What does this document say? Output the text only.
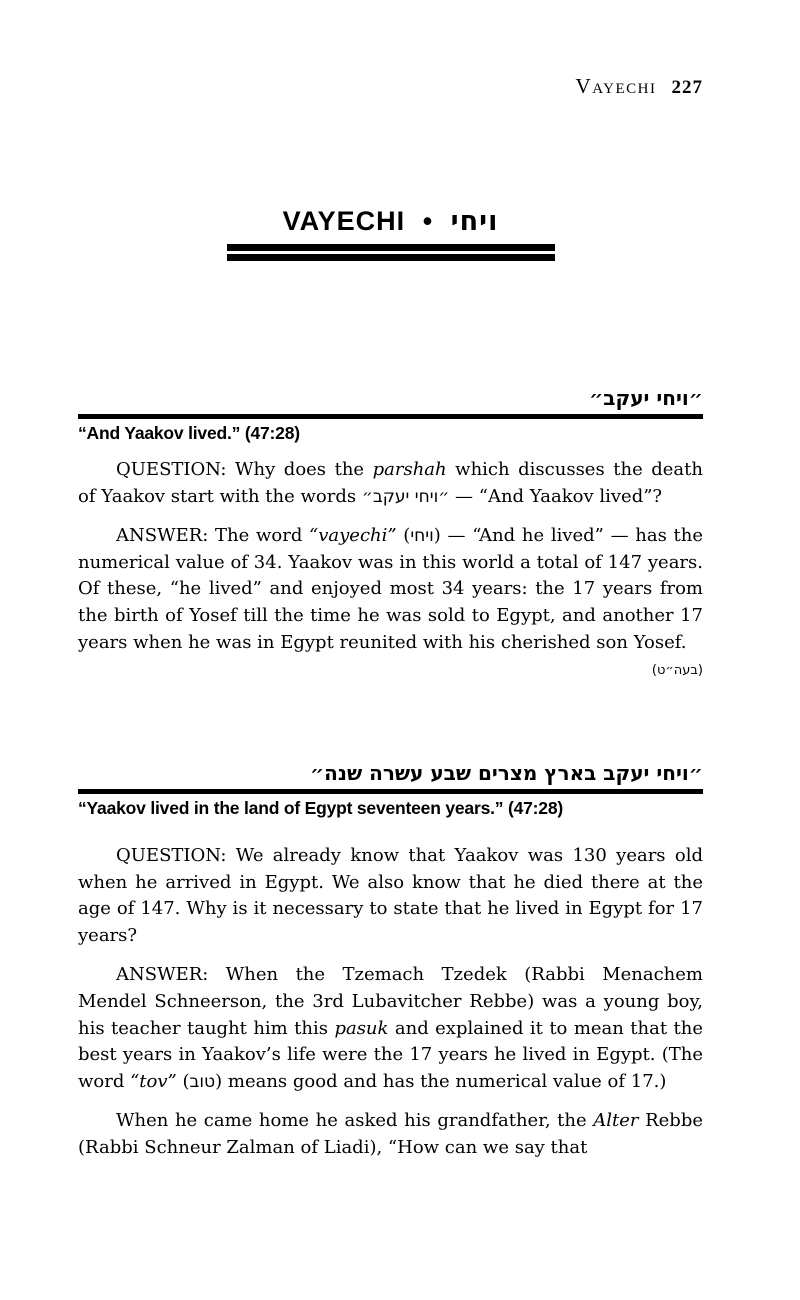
Vayechi 227
VAYECHI • ויחי
״ויחי יעקב״
“And Yaakov lived.” (47:28)

QUESTION: Why does the parshah which discusses the death of Yaakov start with the words ״ויחי יעקב״ — “And Yaakov lived”?

ANSWER: The word “vayechi” (ויחי) — “And he lived” — has the numerical value of 34. Yaakov was in this world a total of 147 years. Of these, “he lived” and enjoyed most 34 years: the 17 years from the birth of Yosef till the time he was sold to Egypt, and another 17 years when he was in Egypt reunited with his cherished son Yosef.

(בעה״ט)
״ויחי יעקב בארץ מצרים שבע עשרה שנה״
“Yaakov lived in the land of Egypt seventeen years.” (47:28)

QUESTION: We already know that Yaakov was 130 years old when he arrived in Egypt. We also know that he died there at the age of 147. Why is it necessary to state that he lived in Egypt for 17 years?

ANSWER: When the Tzemach Tzedek (Rabbi Menachem Mendel Schneerson, the 3rd Lubavitcher Rebbe) was a young boy, his teacher taught him this pasuk and explained it to mean that the best years in Yaakov’s life were the 17 years he lived in Egypt. (The word “tov” (טוב) means good and has the numerical value of 17.)

When he came home he asked his grandfather, the Alter Rebbe (Rabbi Schneur Zalman of Liadi), “How can we say that
